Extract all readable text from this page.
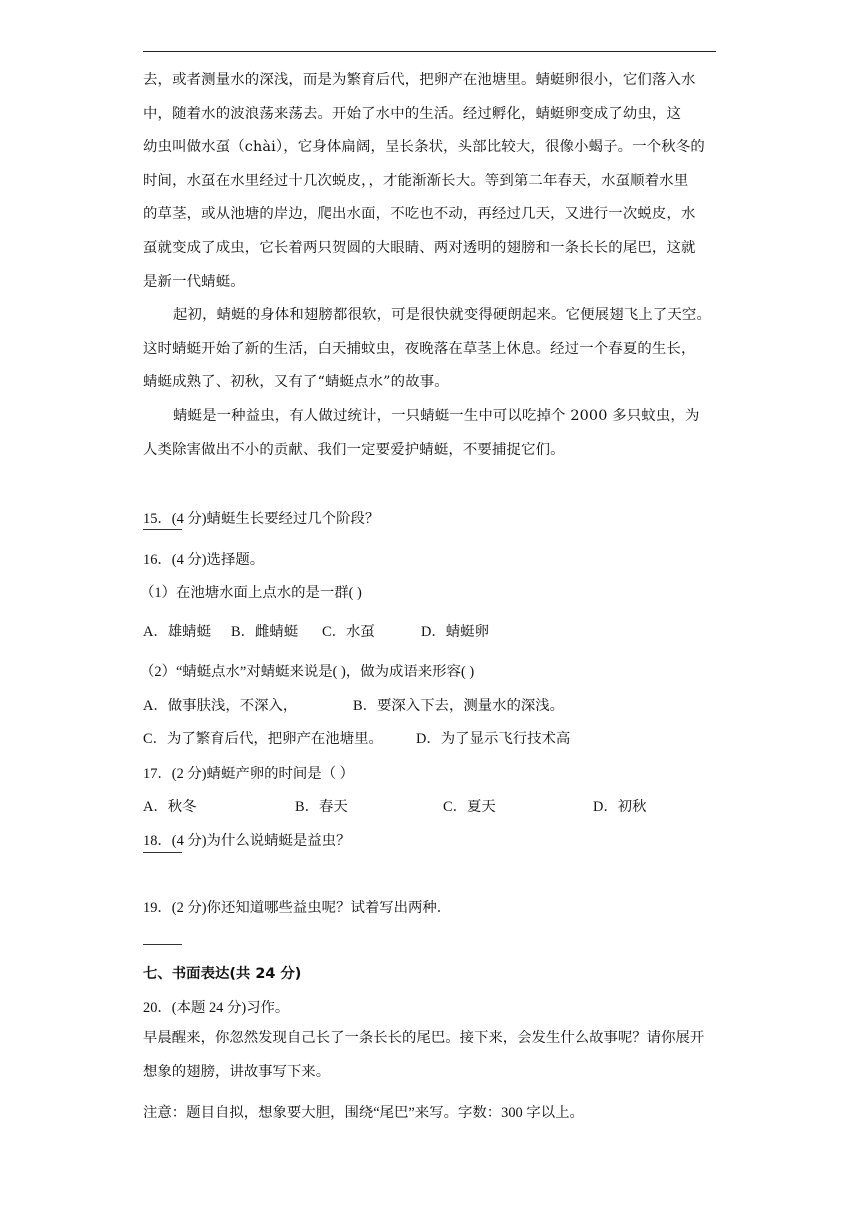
去，或者测量水的深浅，而是为繁育后代，把卵产在池塘里。蜻蜓卵很小，它们落入水
中，随着水的波浪荡来荡去。开始了水中的生活。经过孵化，蜻蜓卵变成了幼虫，这
幼虫叫做水虿（chài），它身体扁阔，呈长条状，头部比较大，很像小蝎子。一个秋冬的
时间，水虿在水里经过十几次蜕皮，，才能渐渐长大。等到第二年春天，水虿顺着水里
的草茎，或从池塘的岸边，爬出水面，不吃也不动，再经过几天，又进行一次蜕皮，水
虿就变成了成虫，它长着两只贺圆的大眼睛、两对透明的翅膀和一条长长的尾巴，这就
是新一代蜻蜓。

起初，蜻蜓的身体和翅膀都很软，可是很快就变得硬朗起来。它便展翅飞上了天空。
这时蜻蜓开始了新的生活，白天捕蚊虫，夜晚落在草茎上休息。经过一个春夏的生长，
蜻蜓成熟了、初秋，又有了“蜻蜓点水”的故事。

蜻蜓是一种益虫，有人做过统计，一只蜻蜓一生中可以吃掉个 2000 多只蚊虫，为
人类除害做出不小的贡献、我们一定要爱护蜻蜓，不要捕捉它们。

15．(4 分)蜻蜓生长要经过几个阶段？
16．(4 分)选择题。
（1）在池塘水面上点水的是一群( )
A．雄蜻蜓 B．雌蜻蜓 C．水虿	D．蜻蜓卵
（2）“蜻蜓点水”对蜻蜓来说是( )，做为成语来形容( )
A．做事肤浅，不深入，	B．要深入下去，测量水的深浅。
C．为了繁育后代，把卵产在池塘里。 D．为了显示飞行技术高
17．(2 分)蜻蜓产卵的时间是（ ）
A．秋冬	B．春天	C．夏天	D．初秋
18．(4 分)为什么说蜻蜓是益虫？
19．(2 分)你还知道哪些益虫呢？试着写出两种．
七、书面表达(共 24 分)
20．(本题 24 分)习作。
早晨醒来，你忽然发现自己长了一条长长的尾巴。接下来，会发生什么故事呢？请你展开想象的翅膀，讲故事写下来。
注意：题目自拟，想象要大胆，围绕“尾巴”来写。字数：300 字以上。
